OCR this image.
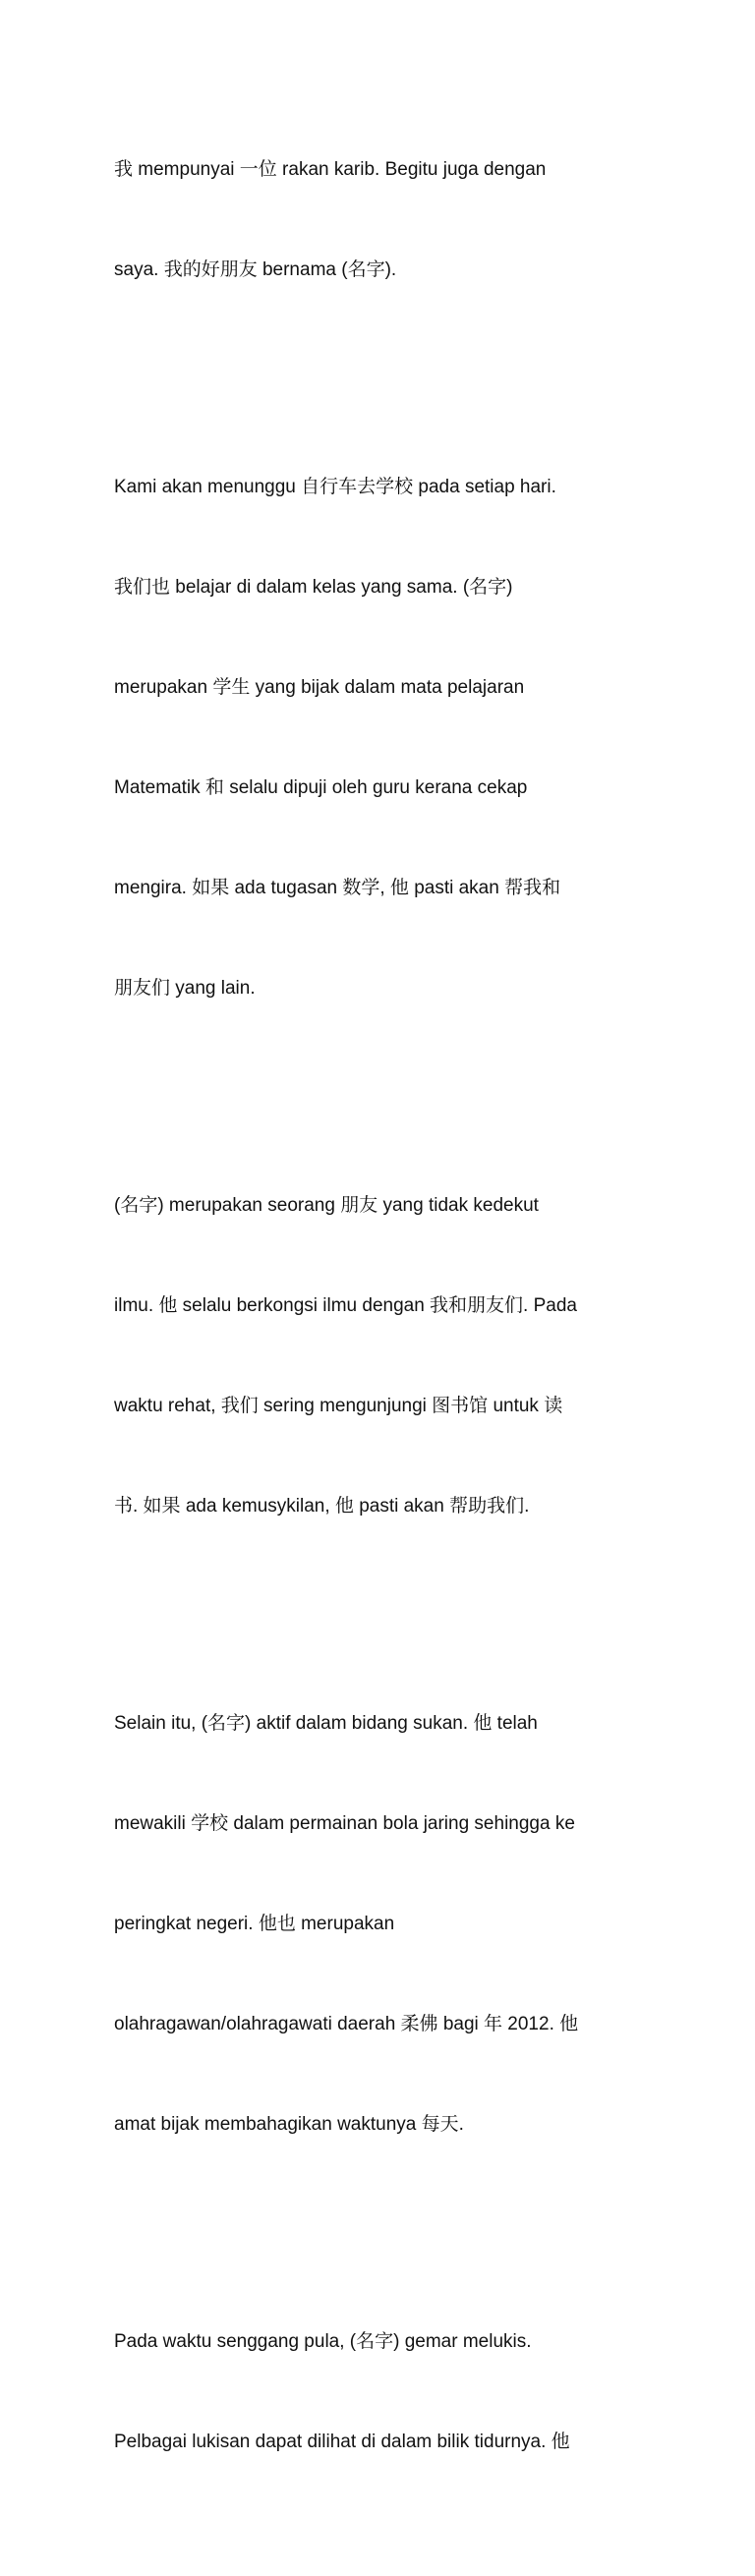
我 mempunyai 一位 rakan karib. Begitu juga dengan

saya. 我的好朋友 bernama (名字).

Kami akan menunggu 自行车去学校 pada setiap hari.

我们也 belajar di dalam kelas yang sama. (名字)

merupakan 学生 yang bijak dalam mata pelajaran

Matematik 和 selalu dipuji oleh guru kerana cekap

mengira. 如果 ada tugasan 数学, 他 pasti akan 帮我和

朋友们 yang lain.

(名字) merupakan seorang 朋友 yang tidak kedekut

ilmu. 他 selalu berkongsi ilmu dengan 我和朋友们. Pada

waktu rehat, 我们 sering mengunjungi 图书馆 untuk 读

书. 如果 ada kemusykilan, 他 pasti akan 帮助我们.

Selain itu, (名字) aktif dalam bidang sukan. 他 telah

mewakili 学校 dalam permainan bola jaring sehingga ke

peringkat negeri. 他也 merupakan

olahragawan/olahragawati daerah 柔佛 bagi 年 2012. 他

amat bijak membahagikan waktunya 每天.

Pada waktu senggang pula, (名字) gemar melukis.

Pelbagai lukisan dapat dilihat di dalam bilik tidurnya. 他
